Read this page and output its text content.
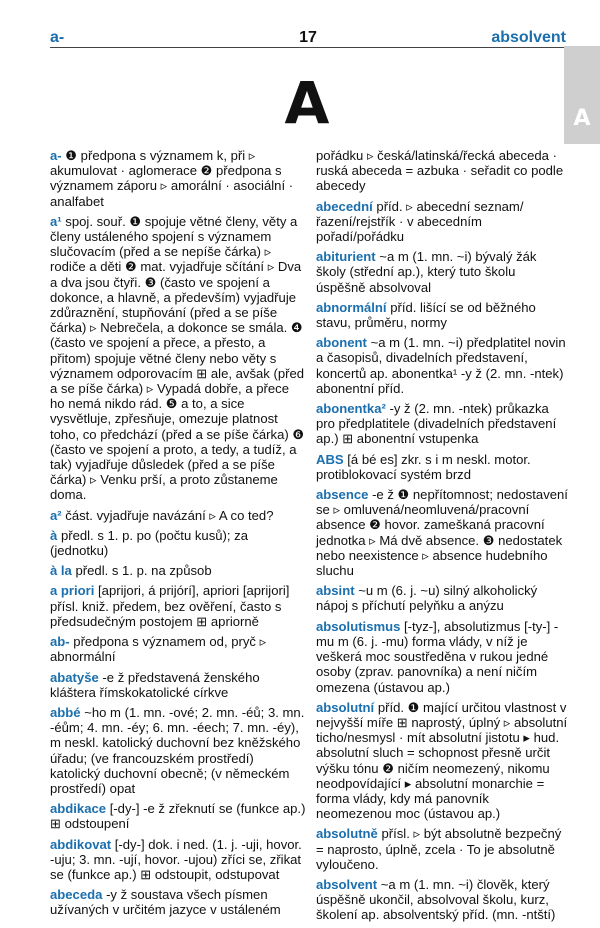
a-	17	absolvent
A
A
a- ❶ předpona s významem k, při ▹ akumulovat · aglomerace ❷ předpona s významem záporu ▹ amorální · asociální · analfabet
a¹ spoj. souř. ❶ spojuje větné členy, věty a členy ustáleného spojení s významem slučovacím (před a se nepíše čárka) ▹ rodiče a děti ❷ mat. vyjadřuje sčítání ▹ Dva a dva jsou čtyři. ❸ (často ve spojení a dokonce, a hlavně, a především) vyjadřuje zdůraznění, stupňování (před a se píše čárka) ▹ Nebrečela, a dokonce se smála. ❹ (často ve spojení a přece, a přesto, a přitom) spojuje větné členy nebo věty s významem odporovacím ⊞ ale, avšak (před a se píše čárka) ▹ Vypadá dobře, a přece ho nemá nikdo rád. ❺ a to, a sice vysvětluje, zpřesňuje, omezuje platnost toho, co předchází (před a se píše čárka) ❻ (často ve spojení a proto, a tedy, a tudíž, a tak) vyjadřuje důsledek (před a se píše čárka) ▹ Venku prší, a proto zůstaneme doma.
a² část. vyjadřuje navázání ▹ A co ted?
à předl. s 1. p. po (počtu kusů); za (jednotku)
à la předl. s 1. p. na způsob
a priori [aprijori, á prijórí], apriori [aprijori] přísl. kniž. předem, bez ověření, často s předsudečným postojem ⊞ apriorně
ab- předpona s významem od, pryč ▹ abnormální
abatyše -e ž představená ženského kláštera římskokatolické církve
abbé ~ho m (1. mn. -ové; 2. mn. -éů; 3. mn. -éům; 4. mn. -éy; 6. mn. -éech; 7. mn. -éy), m neskl. katolický duchovní bez kněžského úřadu; (ve francouzském prostředí) katolický duchovní obecně; (v německém prostředí) opat
abdikace [-dy-] -e ž zřeknutí se (funkce ap.) ⊞ odstoupení
abdikovat [-dy-] dok. i ned. (1. j. -uji, hovor. -uju; 3. mn. -ují, hovor. -ujou) zříci se, zřikat se (funkce ap.) ⊞ odstoupit, odstupovat
abeceda -y ž soustava všech písmen užívaných v určitém jazyce v ustáleném
pořádku ▹ česká/latinská/řecká abeceda · ruská abeceda = azbuka · seřadit co podle abecedy
abecední příd. ▹ abecední seznam/řazení/rejstřík · v abecedním pořadí/pořádku
abiturient ~a m (1. mn. ~i) bývalý žák školy (střední ap.), který tuto školu úspěšně absolvoval
abnormální příd. lišící se od běžného stavu, průměru, normy
abonent ~a m (1. mn. ~i) předplatitel novin a časopisů, divadelních představení, koncertů ap. abonentka¹ -y ž (2. mn. -ntek) abonentní příd.
abonentka² -y ž (2. mn. -ntek) průkazka pro předplatitele (divadelních představení ap.) ⊞ abonentní vstupenka
ABS [á bé es] zkr. s i m neskl. motor. protiblokovací systém brzd
absence -e ž ❶ nepřítomnost; nedostavení se ▹ omluvená/neomluvená/pracovní absence ❷ hovor. zameškaná pracovní jednotka ▹ Má dvě absence. ❸ nedostatek nebo neexistence ▹ absence hudebního sluchu
absint ~u m (6. j. ~u) silný alkoholický nápoj s příchutí pelyňku a anýzu
absolutismus [-tyz-], absolutizmus [-ty-] -mu m (6. j. -mu) forma vlády, v níž je veškerá moc soustředěna v rukou jedné osoby (zprav. panovníka) a není ničím omezena (ústavou ap.)
absolutní příd. ❶ mající určitou vlastnost v nejvyšší míře ⊞ naprostý, úplný ▹ absolutní ticho/nesmysl · mít absolutní jistotu ▸ hud. absolutní sluch = schopnost přesně určit výšku tónu ❷ ničím neomezený, nikomu neodpovídající ▸ absolutní monarchie = forma vlády, kdy má panovník neomezenou moc (ústavou ap.)
absolutně přísl. ▹ být absolutně bezpečný = naprosto, úplně, zcela · To je absolutně vyloučeno.
absolvent ~a m (1. mn. ~i) člověk, který úspěšně ukončil, absolvoval školu, kurz, školení ap. absolventský příd. (mn. -ntští)
